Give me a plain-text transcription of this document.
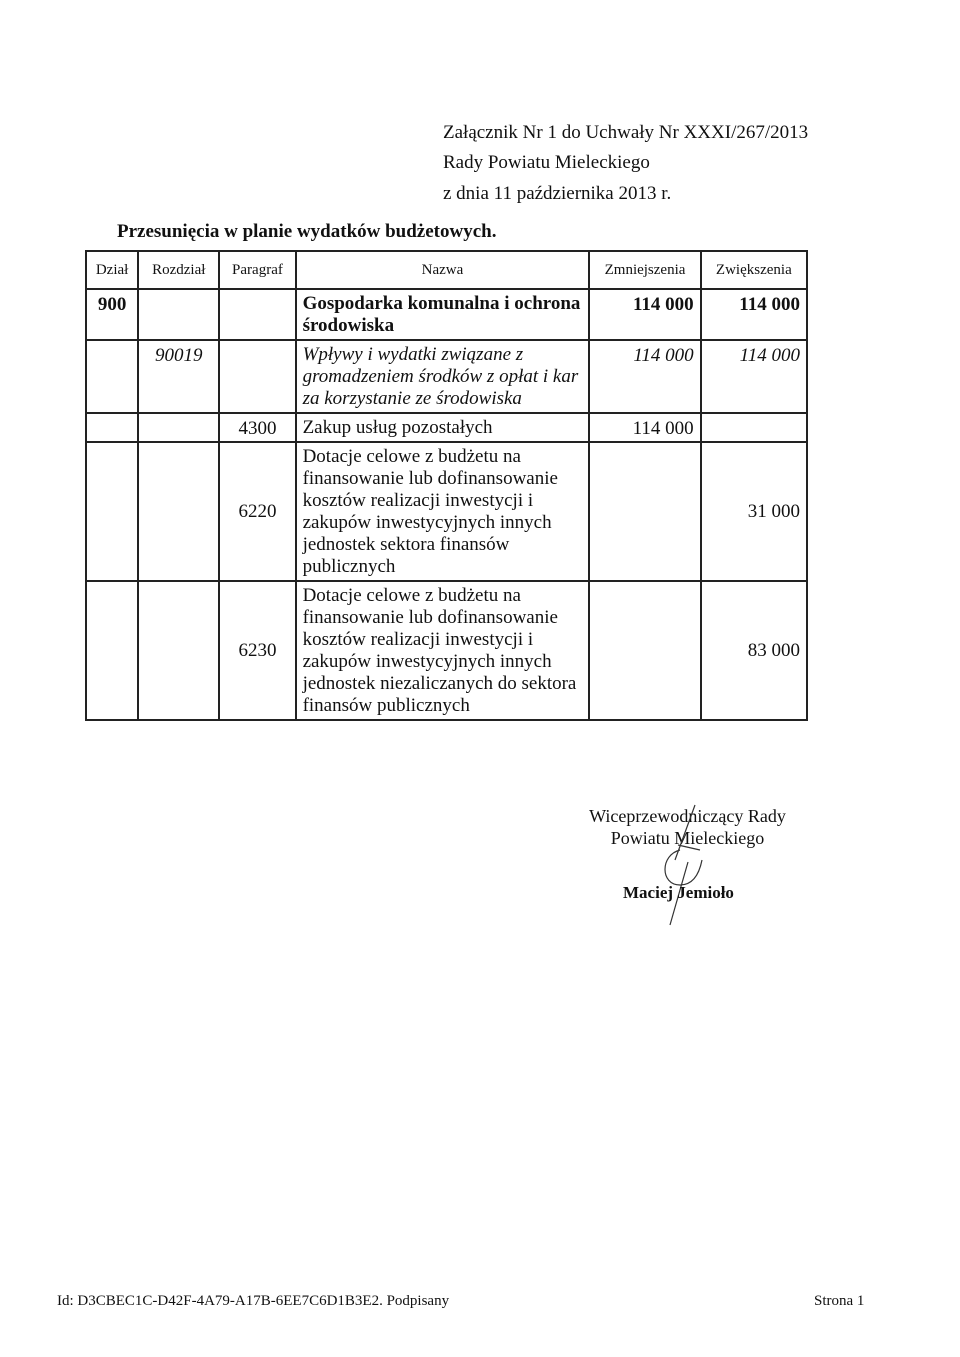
Załącznik Nr 1 do Uchwały Nr XXXI/267/2013
Rady Powiatu Mieleckiego
z dnia 11 października 2013 r.
Przesunięcia w planie wydatków budżetowych.
Dział	Rozdział	Paragraf	Nazwa	Zmniejszenia	Zwiększenia
900			Gospodarka komunalna i ochrona środowiska	114 000	114 000
	90019		Wpływy i wydatki związane z gromadzeniem środków z opłat i kar za korzystanie ze środowiska	114 000	114 000
		4300	Zakup usług pozostałych	114 000	
		6220	Dotacje celowe z budżetu na finansowanie lub dofinansowanie kosztów realizacji inwestycji i zakupów inwestycyjnych innych jednostek sektora finansów publicznych		31 000
		6230	Dotacje celowe z budżetu na finansowanie lub dofinansowanie kosztów realizacji inwestycji i zakupów inwestycyjnych innych jednostek niezaliczanych do sektora finansów publicznych		83 000
Wiceprzewodniczący Rady
Powiatu Mieleckiego
Maciej Jemioło
Id: D3CBEC1C-D42F-4A79-A17B-6EE7C6D1B3E2. Podpisany	Strona 1
